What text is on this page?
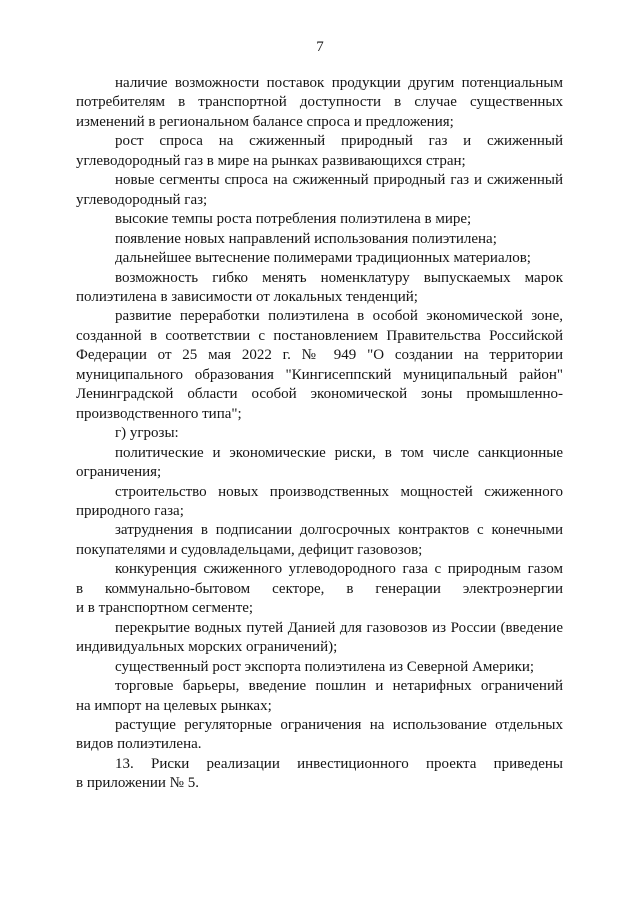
7
наличие возможности поставок продукции другим потенциальным
потребителям в транспортной доступности в случае существенных
изменений в региональном балансе спроса и предложения;
рост спроса на сжиженный природный газ и сжиженный
углеводородный газ в мире на рынках развивающихся стран;
новые сегменты спроса на сжиженный природный газ и сжиженный
углеводородный газ;
высокие темпы роста потребления полиэтилена в мире;
появление новых направлений использования полиэтилена;
дальнейшее вытеснение полимерами традиционных материалов;
возможность гибко менять номенклатуру выпускаемых марок
полиэтилена в зависимости от локальных тенденций;
развитие переработки полиэтилена в особой экономической зоне,
созданной в соответствии с постановлением Правительства Российской
Федерации от 25 мая 2022 г. № 949 "О создании на территории
муниципального образования "Кингисеппский муниципальный район"
Ленинградской области особой экономической зоны промышленно-
производственного типа";
г) угрозы:
политические и экономические риски, в том числе санкционные
ограничения;
строительство новых производственных мощностей сжиженного
природного газа;
затруднения в подписании долгосрочных контрактов с конечными
покупателями и судовладельцами, дефицит газовозов;
конкуренция сжиженного углеводородного газа с природным газом
в коммунально-бытовом секторе, в генерации электроэнергии
и в транспортном сегменте;
перекрытие водных путей Данией для газовозов из России (введение
индивидуальных морских ограничений);
существенный рост экспорта полиэтилена из Северной Америки;
торговые барьеры, введение пошлин и нетарифных ограничений
на импорт на целевых рынках;
растущие регуляторные ограничения на использование отдельных
видов полиэтилена.
13. Риски реализации инвестиционного проекта приведены
в приложении № 5.
